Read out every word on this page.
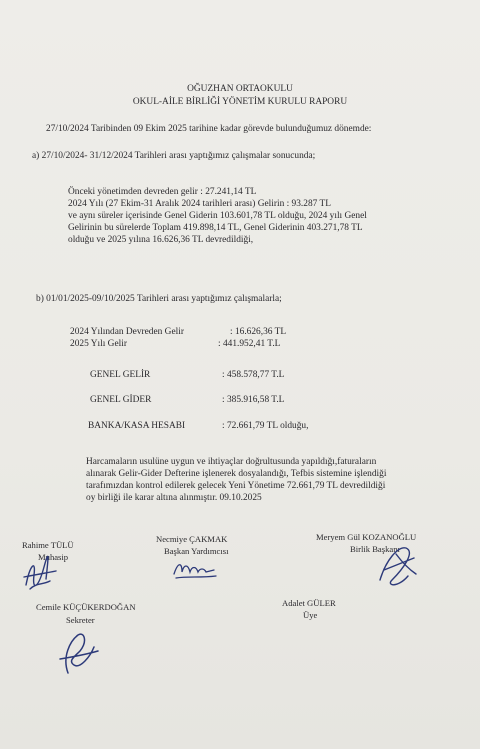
OĞUZHAN ORTAOKULU
OKUL-AİLE BİRLİĞİ YÖNETİM KURULU RAPORU
27/10/2024 Taribinden 09 Ekim 2025 tarihine kadar görevde bulunduğumuz dönemde:
a) 27/10/2024- 31/12/2024 Tarihleri arası yaptığımız çalışmalar sonucunda;
Önceki yönetimden devreden gelir : 27.241,14 TL
2024 Yılı (27 Ekim-31 Aralık 2024 tarihleri arası) Gelirin : 93.287 TL
ve aynı süreler içerisinde Genel Giderin 103.601,78 TL olduğu, 2024 yılı Genel
Gelirinin bu sürelerde Toplam 419.898,14 TL, Genel Giderinin 403.271,78 TL
olduğu ve 2025 yılına 16.626,36 TL devredildiği,
b) 01/01/2025-09/10/2025 Tarihleri arası yaptığımız çalışmalarla;
2024 Yılından Devreden Gelir	: 16.626,36 TL
2025 Yılı Gelir	: 441.952,41 T.L
GENEL GELİR	: 458.578,77 T.L
GENEL GİDER	: 385.916,58 T.L
BANKA/KASA HESABI	: 72.661,79 TL olduğu,
Harcamaların usulüne uygun ve ihtiyaçlar doğrultusunda yapıldığı,faturaların
alınarak Gelir-Gider Defterine işlenerek dosyalandığı, Tefbis sistemine işlendiği
tarafımızdan kontrol edilerek gelecek Yeni Yönetime 72.661,79 TL devredildiği
oy birliği ile karar altına alınmıştır. 09.10.2025
Rahime TÜLÜ
Muhasip
Necmiye ÇAKMAK
Başkan Yardımcısı
Meryem Gül KOZANOĞLU
Birlik Başkanı
Cemile KÜÇÜKERDOĞAN
Sekreter
Adalet GÜLER
Üye
